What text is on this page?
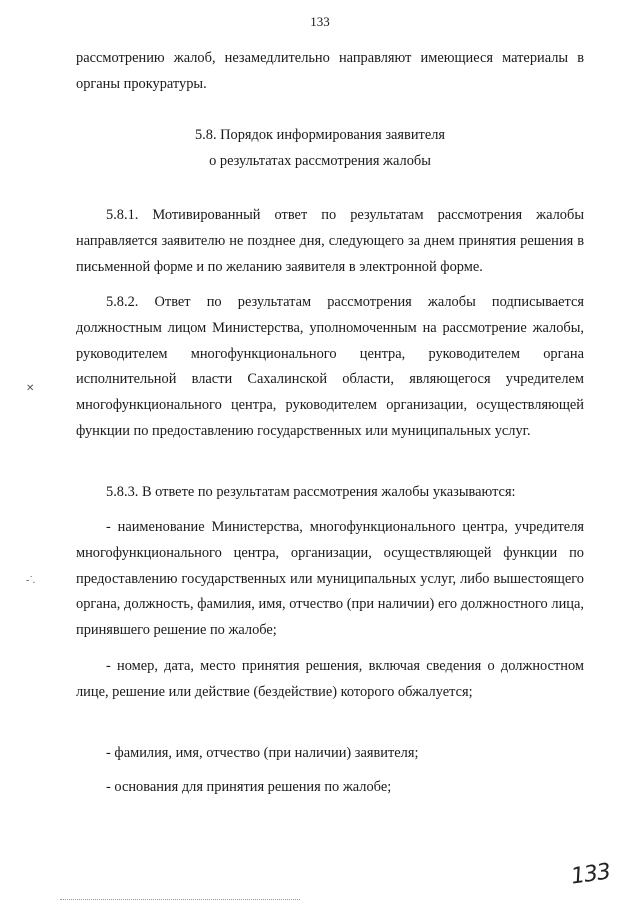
133
рассмотрению жалоб, незамедлительно направляют имеющиеся материалы в органы прокуратуры.
5.8. Порядок информирования заявителя
о результатах рассмотрения жалобы
5.8.1. Мотивированный ответ по результатам рассмотрения жалобы направляется заявителю не позднее дня, следующего за днем принятия решения в письменной форме и по желанию заявителя в электронной форме.
5.8.2. Ответ по результатам рассмотрения жалобы подписывается должностным лицом Министерства, уполномоченным на рассмотрение жалобы, руководителем многофункционального центра, руководителем органа исполнительной власти Сахалинской области, являющегося учредителем многофункционального центра, руководителем организации, осуществляющей функции по предоставлению государственных или муниципальных услуг.
5.8.3. В ответе по результатам рассмотрения жалобы указываются:
- наименование Министерства, многофункционального центра, учредителя многофункционального центра, организации, осуществляющей функции по предоставлению государственных или муниципальных услуг, либо вышестоящего органа, должность, фамилия, имя, отчество (при наличии) его должностного лица, принявшего решение по жалобе;
- номер, дата, место принятия решения, включая сведения о должностном лице, решение или действие (бездействие) которого обжалуется;
- фамилия, имя, отчество (при наличии) заявителя;
- основания для принятия решения по жалобе;
✕
-˙.
133
